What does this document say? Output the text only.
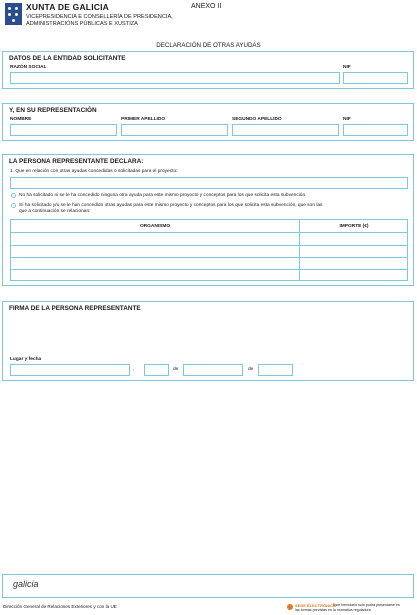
XUNTA DE GALICIA
VICEPRESIDENCIA E CONSELLERÍA DE PRESIDENCIA,
ADMINISTRACIÓNS PÚBLICAS E XUSTIZA
ANEXO II
DECLARACIÓN DE OTRAS AYUDAS
DATOS DE LA ENTIDAD SOLICITANTE
RAZÓN SOCIAL	NIF
Y, EN SU REPRESENTACIÓN
NOMBRE	PRIMER APELLIDO	SEGUNDO APELLIDO	NIF
LA PERSONA REPRESENTANTE DECLARA:
1. Que en relación con otras ayudas concedidas o solicitadas para el proyecto:
No ha solicitado ni se le ha concedido ninguna otra ayuda para este mismo proyecto y conceptos para los que solicita esta subvención.
Sí ha solicitado y/o se le han concedido otras ayudas para este mismo proyecto y conceptos para los que solicita esta subvención, que son las
que a continuación se relacionan:
ORGANISMO	IMPORTE (€)
FIRMA DE LA PERSONA REPRESENTANTE
Lugar y fecha
,	de	de
galicia
Dirección General de Relaciones Exteriores y con la UE	SEDE ELECTRÓNICA
Este formulario solo podrá presentarse en
las formas previstas en la normativa reguladora
